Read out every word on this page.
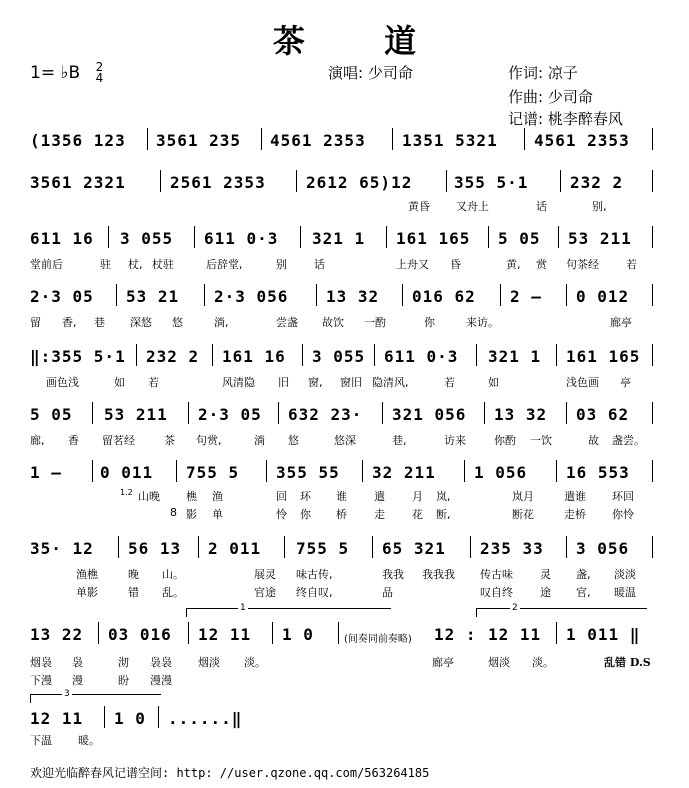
茶 道
1= ♭B 2
4	演唱: 少司命	作词: 凉子
作曲: 少司命
记谱: 桃李醉春风
(1356 123 3561 235 4561 2353 1351 5321 4561 2353
3561 2321	2561 2353	2612 65)12	355 5·1	232 2
黄昏 又舟上	话	别,
611 16 3 055 611 0·3 321 1 161 165 5 05 53 211
堂前后	驻 杖, 杖驻	后辞堂,	别 话	上舟又 昏	黄, 赏 句茶经 若
2·3 05 53 21 2·3 056 13 32 016 62 2 – 0 012
留 香, 巷 深悠 悠	淌,	尝盏 故饮 一酌	你	来访。	廊亭
‖:355 5·1 232 2 161 16 3 055 611 0·3 321 1 161 165
画色浅	如 若	风清隐 旧 窗, 窗旧 隐清风,	若	如	浅色画 亭
5 05 53 211 2·3 05 632 23· 321 056 13 32 03 62
廊, 香 留茗经	茶 句赏,	淌 悠	悠深	巷,	访来	你酌 一饮	故 盏尝。
1 – 0 011 755 5 355 55 32 211 1 056 16 553
1.2 山晚 樵 渔	回 环 谁 遣 月 岚,	岚月	遣谁 环回
8 影 单	怜 你 桥 走 花 断,	断花	走桥 你怜
35· 12 56 13 2 011 755 5 65 321 235 33 3 056
渔樵	晚 山。	展灵 味古传,	我我 我我我 传古味 灵 盏, 淡淡
单影	错 乱。	官途 终自叹,	品	叹自终 途 官, 暖温
1	2
13 22 03 016 12 11 1 0	(间奏同前奏略) 12 : 12 11 1 011 ‖
烟袅 袅	沏 袅袅 烟淡 淡。	廊亭	烟淡 淡。	乱错 D.S
下漫 漫	盼 漫漫
3
12 11 1 0 ......‖
下温 暖。
欢迎光临醉春风记谱空间: http: //user.qzone.qq.com/563264185
